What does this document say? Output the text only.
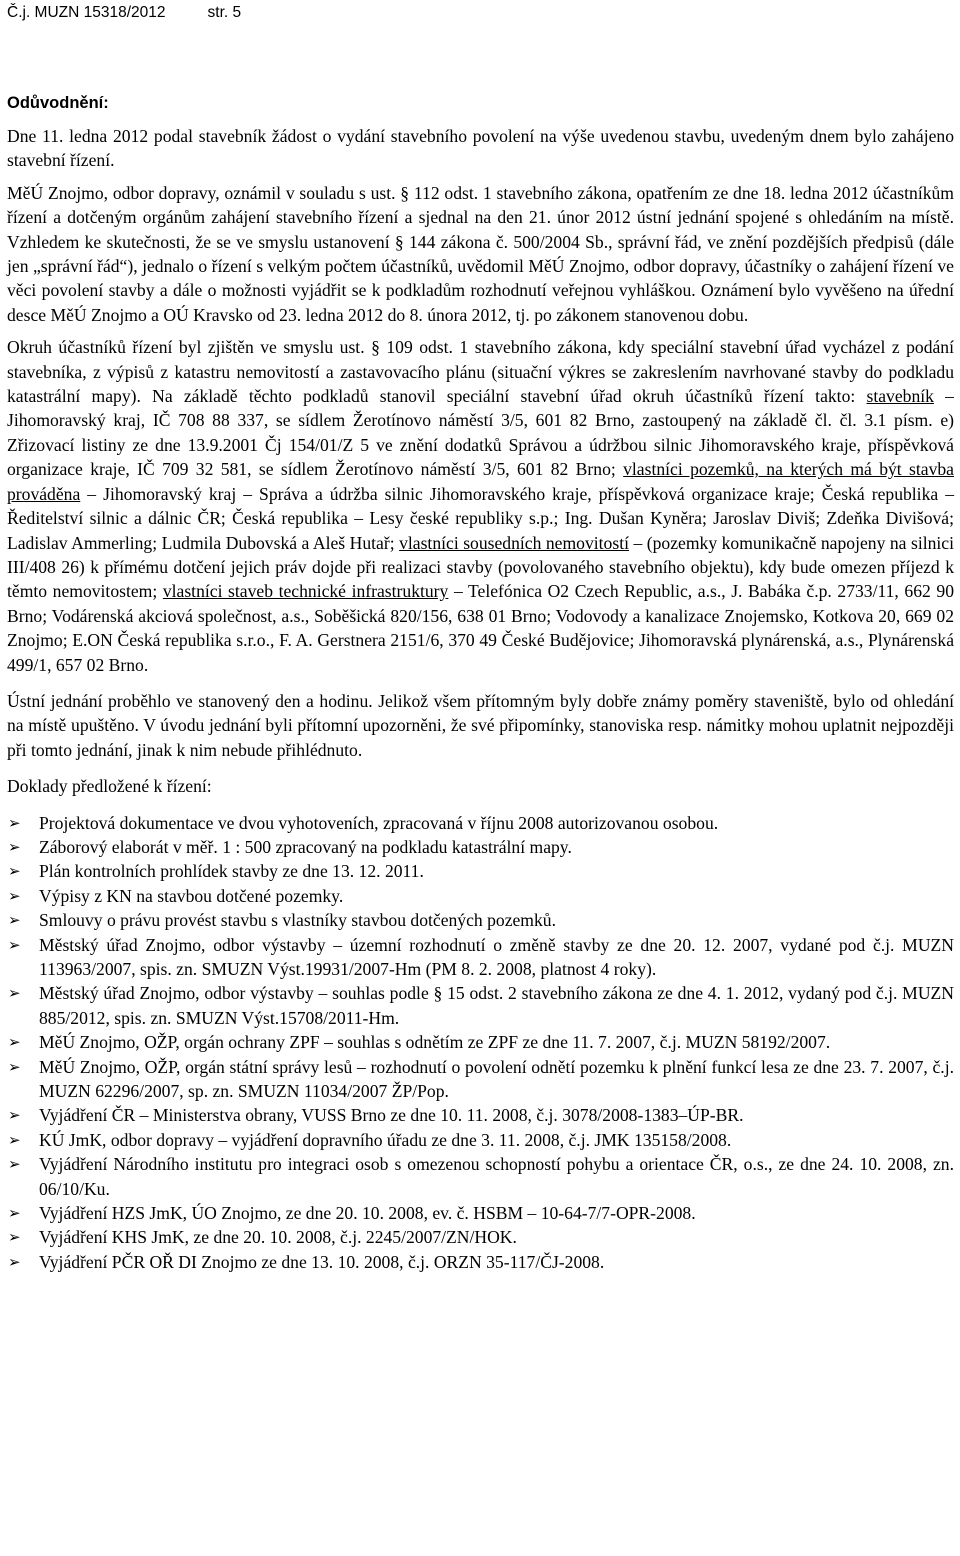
Č.j. MUZN 15318/2012	str. 5
Odůvodnění:

Dne 11. ledna 2012 podal stavebník žádost o vydání stavebního povolení na výše uvedenou stavbu, uvedeným dnem bylo zahájeno stavební řízení.

MěÚ Znojmo, odbor dopravy, oznámil v souladu s ust. § 112 odst. 1 stavebního zákona, opatřením ze dne 18. ledna 2012 účastníkům řízení a dotčeným orgánům zahájení stavebního řízení a sjednal na den 21. únor 2012 ústní jednání spojené s ohledáním na místě. Vzhledem ke skutečnosti, že se ve smyslu ustanovení § 144 zákona č. 500/2004 Sb., správní řád, ve znění pozdějších předpisů (dále jen „správní řád“), jednalo o řízení s velkým počtem účastníků, uvědomil MěÚ Znojmo, odbor dopravy, účastníky o zahájení řízení ve věci povolení stavby a dále o možnosti vyjádřit se k podkladům rozhodnutí veřejnou vyhláškou. Oznámení bylo vyvěšeno na úřední desce MěÚ Znojmo a OÚ Kravsko od 23. ledna 2012 do 8. února 2012, tj. po zákonem stanovenou dobu.

Okruh účastníků řízení byl zjištěn ve smyslu ust. § 109 odst. 1 stavebního zákona, kdy speciální stavební úřad vycházel z podání stavebníka, z výpisů z katastru nemovitostí a zastavovacího plánu (situační výkres se zakreslením navrhované stavby do podkladu katastrální mapy). Na základě těchto podkladů stanovil speciální stavební úřad okruh účastníků řízení takto: stavebník – Jihomoravský kraj, IČ 708 88 337, se sídlem Žerotínovo náměstí 3/5, 601 82 Brno, zastoupený na základě čl. čl. 3.1 písm. e) Zřizovací listiny ze dne 13.9.2001 Čj 154/01/Z 5 ve znění dodatků Správou a údržbou silnic Jihomoravského kraje, příspěvková organizace kraje, IČ 709 32 581, se sídlem Žerotínovo náměstí 3/5, 601 82 Brno; vlastníci pozemků, na kterých má být stavba prováděna – Jihomoravský kraj – Správa a údržba silnic Jihomoravského kraje, příspěvková organizace kraje; Česká republika – Ředitelství silnic a dálnic ČR; Česká republika – Lesy české republiky s.p.; Ing. Dušan Kyněra; Jaroslav Diviš; Zdeňka Divišová; Ladislav Ammerling; Ludmila Dubovská a Aleš Hutař; vlastníci sousedních nemovitostí – (pozemky komunikačně napojeny na silnici III/408 26) k přímému dotčení jejich práv dojde při realizaci stavby (povolovaného stavebního objektu), kdy bude omezen příjezd k těmto nemovitostem; vlastníci staveb technické infrastruktury – Telefónica O2 Czech Republic, a.s., J. Babáka č.p. 2733/11, 662 90 Brno; Vodárenská akciová společnost, a.s., Soběšická 820/156, 638 01 Brno; Vodovody a kanalizace Znojemsko, Kotkova 20, 669 02 Znojmo; E.ON Česká republika s.r.o., F. A. Gerstnera 2151/6, 370 49 České Budějovice; Jihomoravská plynárenská, a.s., Plynárenská 499/1, 657 02 Brno.

Ústní jednání proběhlo ve stanovený den a hodinu. Jelikož všem přítomným byly dobře známy poměry staveniště, bylo od ohledání na místě upuštěno. V úvodu jednání byli přítomní upozorněni, že své připomínky, stanoviska resp. námitky mohou uplatnit nejpozději při tomto jednání, jinak k nim nebude přihlédnuto.

Doklady předložené k řízení:

➢ Projektová dokumentace ve dvou vyhotoveních, zpracovaná v říjnu 2008 autorizovanou osobou.
➢ Záborový elaborát v měř. 1 : 500 zpracovaný na podkladu katastrální mapy.
➢ Plán kontrolních prohlídek stavby ze dne 13. 12. 2011.
➢ Výpisy z KN na stavbou dotčené pozemky.
➢ Smlouvy o právu provést stavbu s vlastníky stavbou dotčených pozemků.
➢ Městský úřad Znojmo, odbor výstavby – územní rozhodnutí o změně stavby ze dne 20. 12. 2007, vydané pod č.j. MUZN 113963/2007, spis. zn. SMUZN Výst.19931/2007-Hm (PM 8. 2. 2008, platnost 4 roky).
➢ Městský úřad Znojmo, odbor výstavby – souhlas podle § 15 odst. 2 stavebního zákona ze dne 4. 1. 2012, vydaný pod č.j. MUZN 885/2012, spis. zn. SMUZN Výst.15708/2011-Hm.
➢ MěÚ Znojmo, OŽP, orgán ochrany ZPF – souhlas s odnětím ze ZPF ze dne 11. 7. 2007, č.j. MUZN 58192/2007.
➢ MěÚ Znojmo, OŽP, orgán státní správy lesů – rozhodnutí o povolení odnětí pozemku k plnění funkcí lesa ze dne 23. 7. 2007, č.j. MUZN 62296/2007, sp. zn. SMUZN 11034/2007 ŽP/Pop.
➢ Vyjádření ČR – Ministerstva obrany, VUSS Brno ze dne 10. 11. 2008, č.j. 3078/2008-1383–ÚP-BR.
➢ KÚ JmK, odbor dopravy – vyjádření dopravního úřadu ze dne 3. 11. 2008, č.j. JMK 135158/2008.
➢ Vyjádření Národního institutu pro integraci osob s omezenou schopností pohybu a orientace ČR, o.s., ze dne 24. 10. 2008, zn. 06/10/Ku.
➢ Vyjádření HZS JmK, ÚO Znojmo, ze dne 20. 10. 2008, ev. č. HSBM – 10-64-7/7-OPR-2008.
➢ Vyjádření KHS JmK, ze dne 20. 10. 2008, č.j. 2245/2007/ZN/HOK.
➢ Vyjádření PČR OŘ DI Znojmo ze dne 13. 10. 2008, č.j. ORZN 35-117/ČJ-2008.
